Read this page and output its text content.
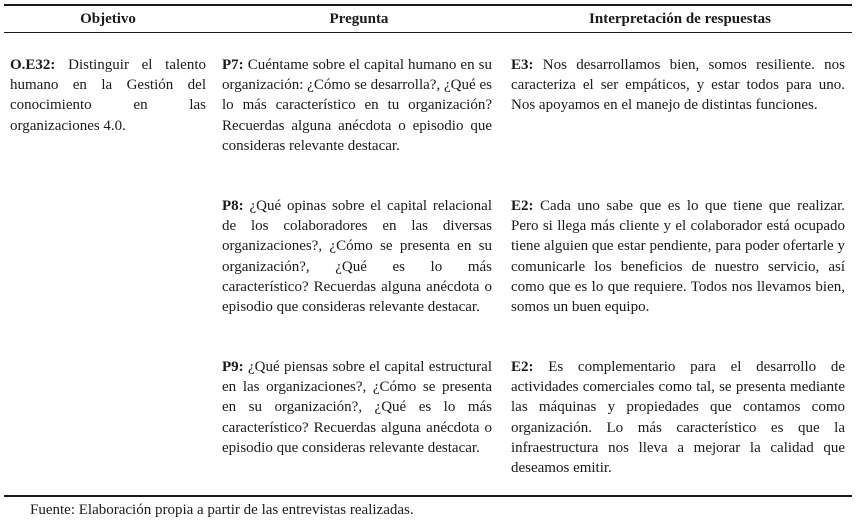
Objetivo	Pregunta	Interpretación de respuestas
O.E32: Distinguir el talento humano en la Gestión del conocimiento en las organizaciones 4.0.
P7: Cuéntame sobre el capital humano en su organización: ¿Cómo se desarrolla?, ¿Qué es lo más característico en tu organización? Recuerdas alguna anécdota o episodio que consideras relevante destacar.
E3: Nos desarrollamos bien, somos resiliente. nos caracteriza el ser empáticos, y estar todos para uno. Nos apoyamos en el manejo de distintas funciones.
P8: ¿Qué opinas sobre el capital relacional de los colaboradores en las diversas organizaciones?, ¿Cómo se presenta en su organización?, ¿Qué es lo más característico? Recuerdas alguna anécdota o episodio que consideras relevante destacar.
E2: Cada uno sabe que es lo que tiene que realizar. Pero si llega más cliente y el colaborador está ocupado tiene alguien que estar pendiente, para poder ofertarle y comunicarle los beneficios de nuestro servicio, así como que es lo que requiere. Todos nos llevamos bien, somos un buen equipo.
P9: ¿Qué piensas sobre el capital estructural en las organizaciones?, ¿Cómo se presenta en su organización?, ¿Qué es lo más característico? Recuerdas alguna anécdota o episodio que consideras relevante destacar.
E2: Es complementario para el desarrollo de actividades comerciales como tal, se presenta mediante las máquinas y propiedades que contamos como organización. Lo más característico es que la infraestructura nos lleva a mejorar la calidad que deseamos emitir.
Fuente: Elaboración propia a partir de las entrevistas realizadas.
